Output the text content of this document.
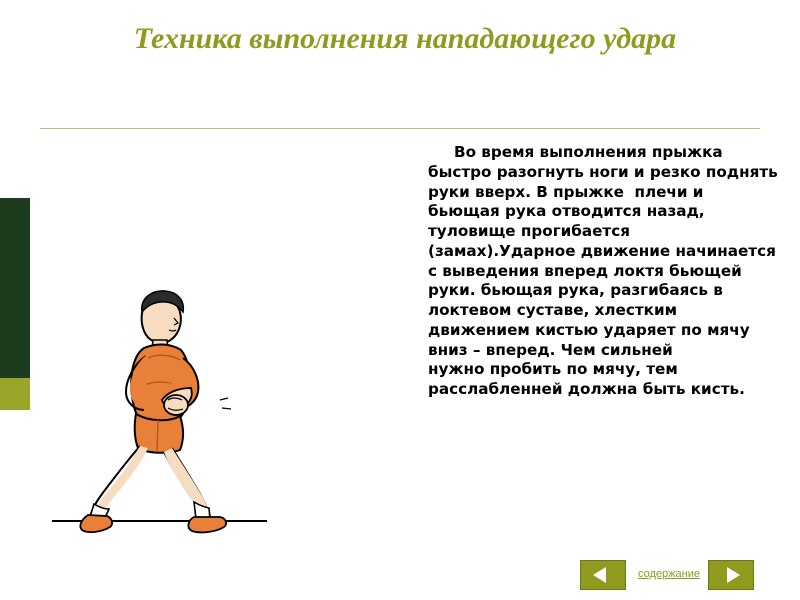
Техника выполнения нападающего удара
Во время выполнения прыжка быстро разогнуть ноги и резко поднять руки вверх. В прыжке  плечи и бьющая рука отводится назад, туловище прогибается (замах).Ударное движение начинается с выведения вперед локтя бьющей руки. бьющая рука, разгибаясь в локтевом суставе, хлестким движением кистью ударяет по мячу  вниз – вперед. Чем сильней
нужно пробить по мячу, тем расслабленней должна быть кисть.
содержание
